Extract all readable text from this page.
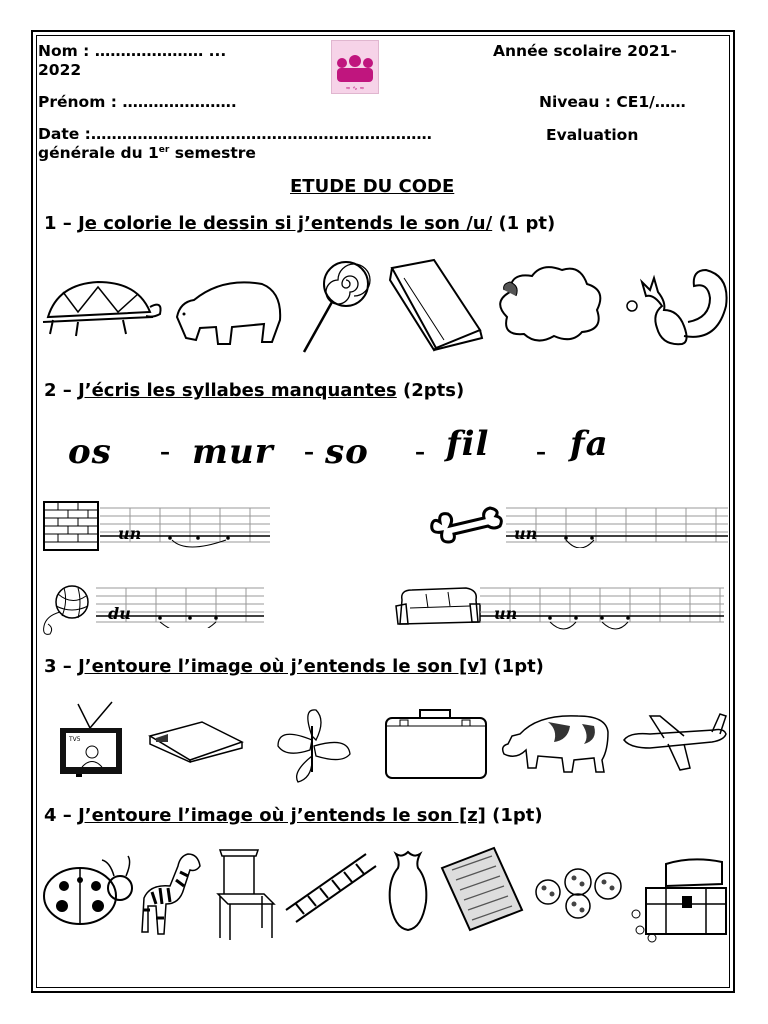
Nom : ………………… ...
≈ ∿ ≈
Année scolaire 2021-
2022
Prénom : ………………….	Niveau : CE1/……
Date :…………………………………………………………	Evaluation
générale du 1er semestre
ETUDE DU CODE
1 – Je colorie le dessin si j’entends le son /u/ (1 pt)
2 – J’écris les syllabes manquantes (2pts)
os – mur – so – fil – fa
un	un
du	un
3 – J’entoure l’image où j’entends le son [v] (1pt)
TV5
4 – J’entoure l’image où j’entends le son [z] (1pt)
